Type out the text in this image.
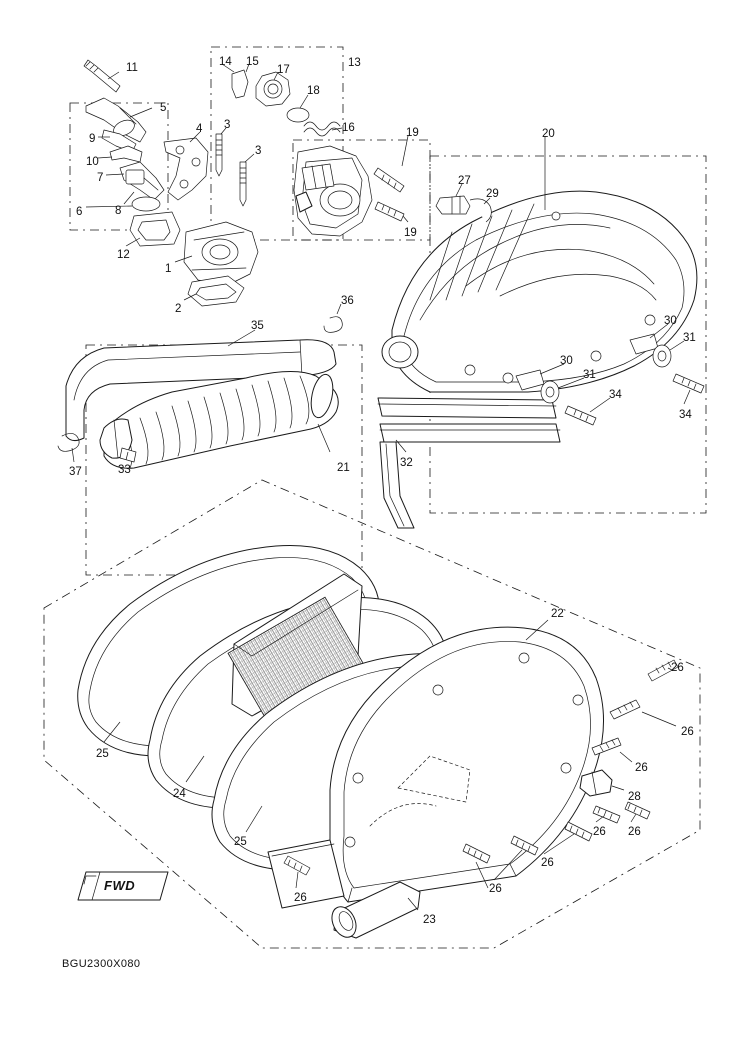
11	14 15	13
17
18
5
16
9
4 3
19	20
10
3
7	27
29
6	8
19
12
30
1
31
2
36
30
35
31
34
34
37	33	21	32
22
26
26
26
28
25
24
25
26 26
26
26
26
23
FWD
BGU2300X080
